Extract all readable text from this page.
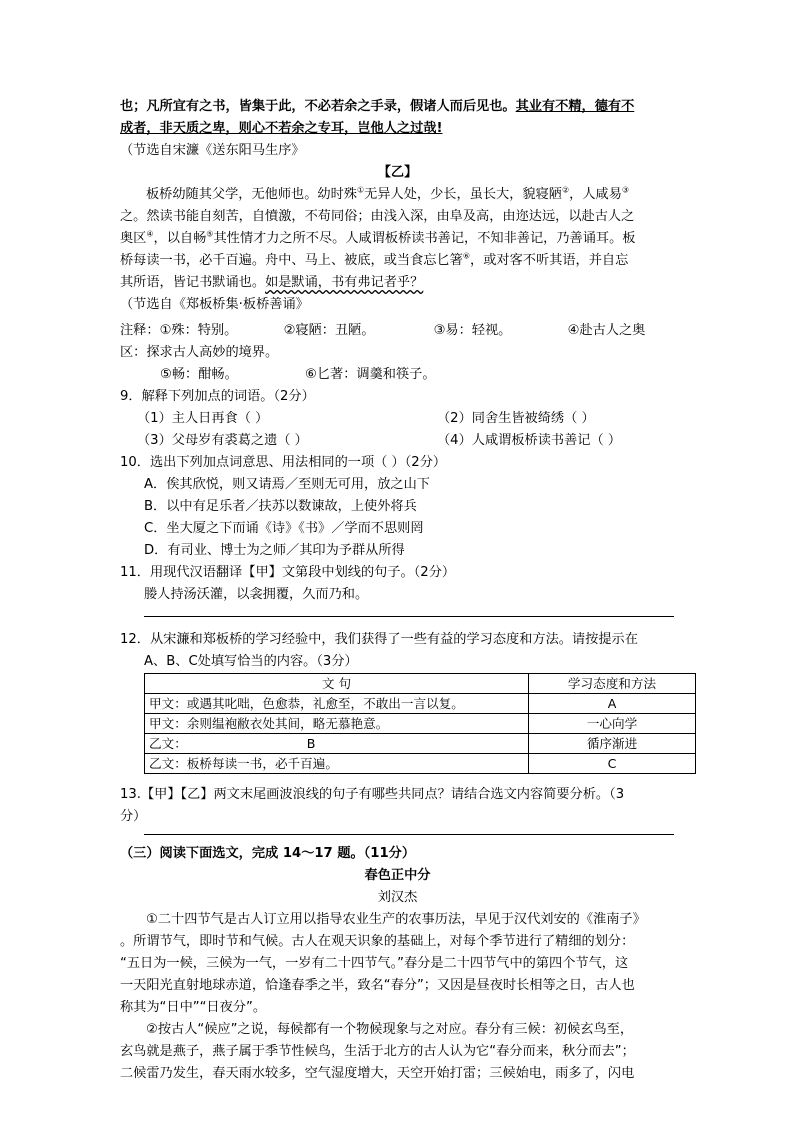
也；凡所宜有之书，皆集于此，不必若余之手录，假诸人而后见也。其业有不精，德有不
成者，非天质之卑，则心不若余之专耳，岂他人之过哉!
（节选自宋濂《送东阳马生序》
【乙】
板桥幼随其父学，无他师也。幼时殊①无异人处，少长，虽长大，貌寝陋②，人咸易③
之。然读书能自刻苦，自憤激，不苟同俗；由浅入深，由阜及高，由迩达远，以赴古人之
奥区④，以自畅⑤其性情才力之所不尽。人咸谓板桥读书善记，不知非善记，乃善诵耳。板
桥每读一书，必千百遍。舟中、马上、被底，或当食忘匕箸⑥，或对客不听其语，并自忘
其所语，皆记书默诵也。如是默诵，书有弗记者乎？
（节选自《郑板桥集·板桥善诵》
注释：①殊：特别。	②寝陋：丑陋。	③易：轻视。	④赴古人之奥
区：探求古人高妙的境界。
⑤畅：酣畅。	⑥匕著：调羹和筷子。
9．解释下列加点的词语。（2分）
（1）主人日再食（ ）	（2）同舍生皆被绮绣（ ）
（3）父母岁有裘葛之遗（ ）	（4）人咸谓板桥读书善记（ ）
10．选出下列加点词意思、用法相同的一项（ ）（2分）
A．俟其欣悦，则又请焉／至则无可用，放之山下
B．以中有足乐者／扶苏以数谏故，上使外将兵
C．坐大厦之下而诵《诗》《书》／学而不思则罔
D．有司业、博士为之师／其印为予群从所得
11．用现代汉语翻译【甲】文第段中划线的句子。（2分）
媵人持汤沃灌，以衾拥覆，久而乃和。
12．从宋濂和郑板桥的学习经验中，我们获得了一些有益的学习态度和方法。请按提示在
A、B、C处填写恰当的内容。（3分）
文 句	学习态度和方法
甲文：或遇其叱咄，色愈恭，礼愈至，不敢出一言以复。	A
甲文：余则缊袍敝衣处其间，略无慕艳意。	一心向学
乙文： B	循序渐进
乙文：板桥每读一书，必千百遍。	C
13.【甲】【乙】两文末尾画波浪线的句子有哪些共同点？请结合选文内容简要分析。（3
分）
（三）阅读下面选文，完成 14～17 题。（11分）
春色正中分
刘汉杰
①二十四节气是古人订立用以指导农业生产的农事历法，早见于汉代刘安的《淮南子》
。所谓节气，即时节和气候。古人在观天识象的基础上，对每个季节进行了精细的划分：
“五日为一候，三候为一气，一岁有二十四节气。”春分是二十四节气中的第四个节气，这
一天阳光直射地球赤道，恰逢春季之半，致名“春分”；又因是昼夜时长相等之日，古人也
称其为“日中”“日夜分”。
②按古人“候应”之说，每候都有一个物候现象与之对应。春分有三候：初候玄鸟至，
玄鸟就是燕子，燕子属于季节性候鸟，生活于北方的古人认为它“春分而来，秋分而去”；
二候雷乃发生，春天雨水较多，空气湿度增大，天空开始打雷；三候始电，雨多了，闪电
